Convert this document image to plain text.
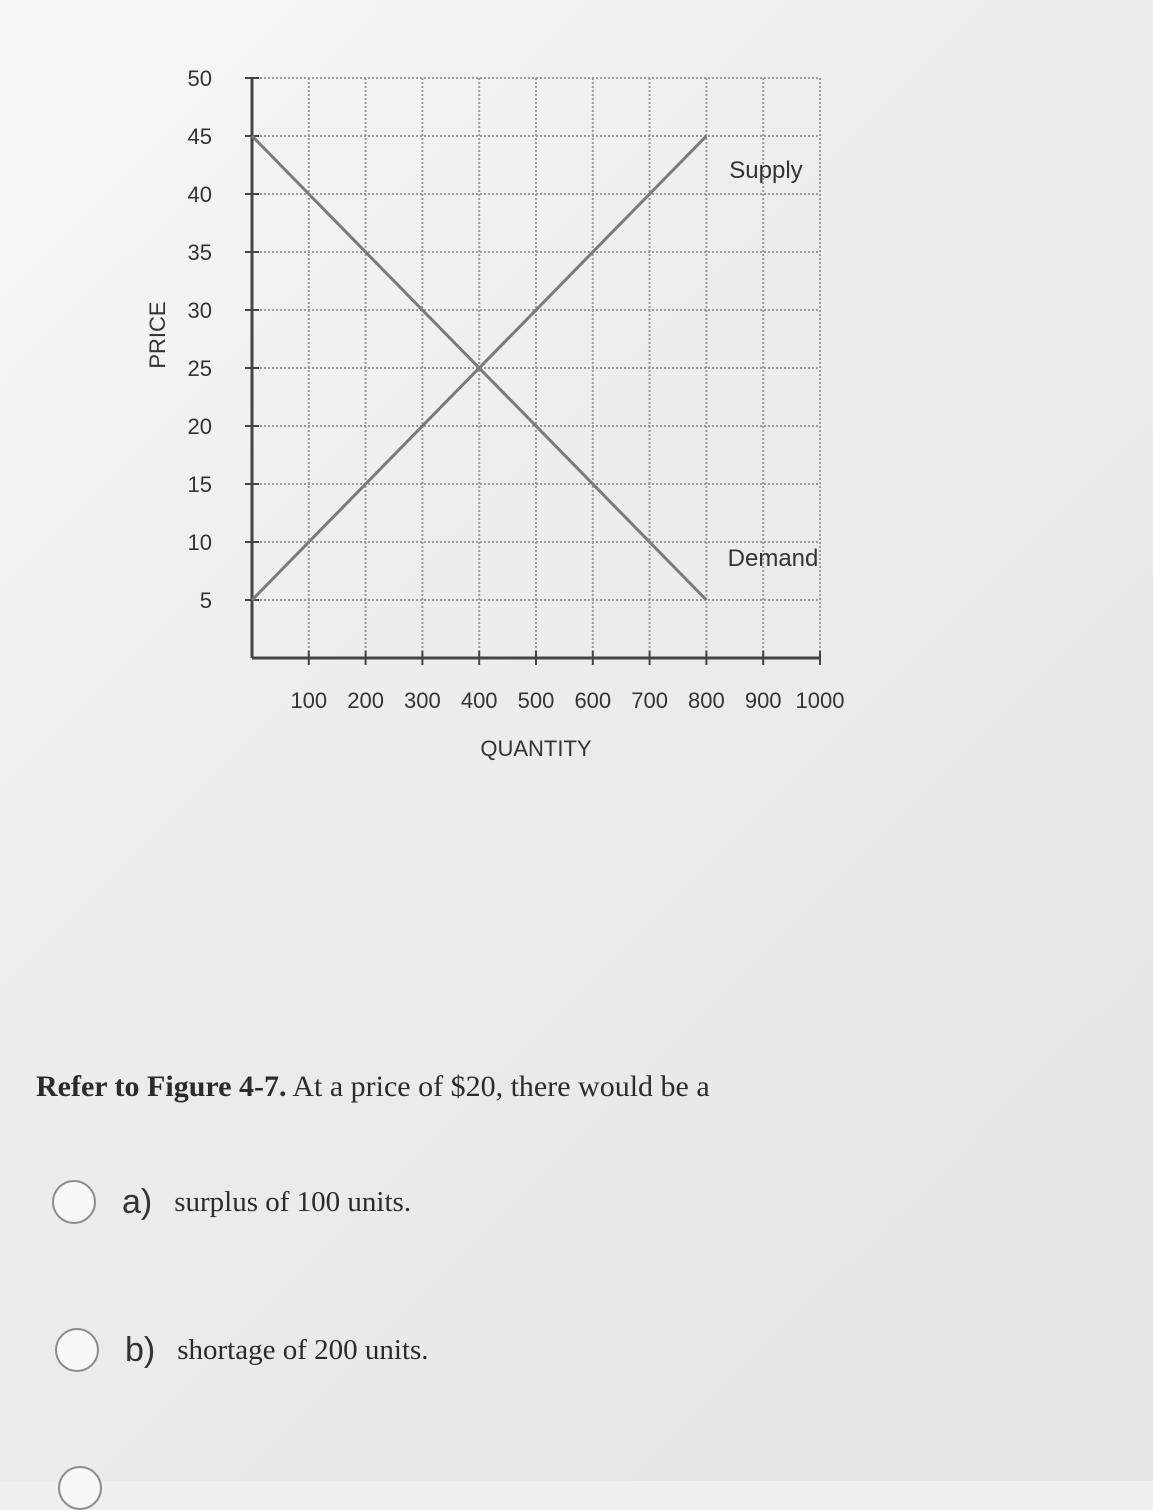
100 200 300 400 500 600 700 800 900 1000
5
10
15
20
25
30
35
40
45
50
QUANTITY
PRICE
Supply
Demand
Refer to Figure 4-7. At a price of $20, there would be a
a) surplus of 100 units.
b) shortage of 200 units.
